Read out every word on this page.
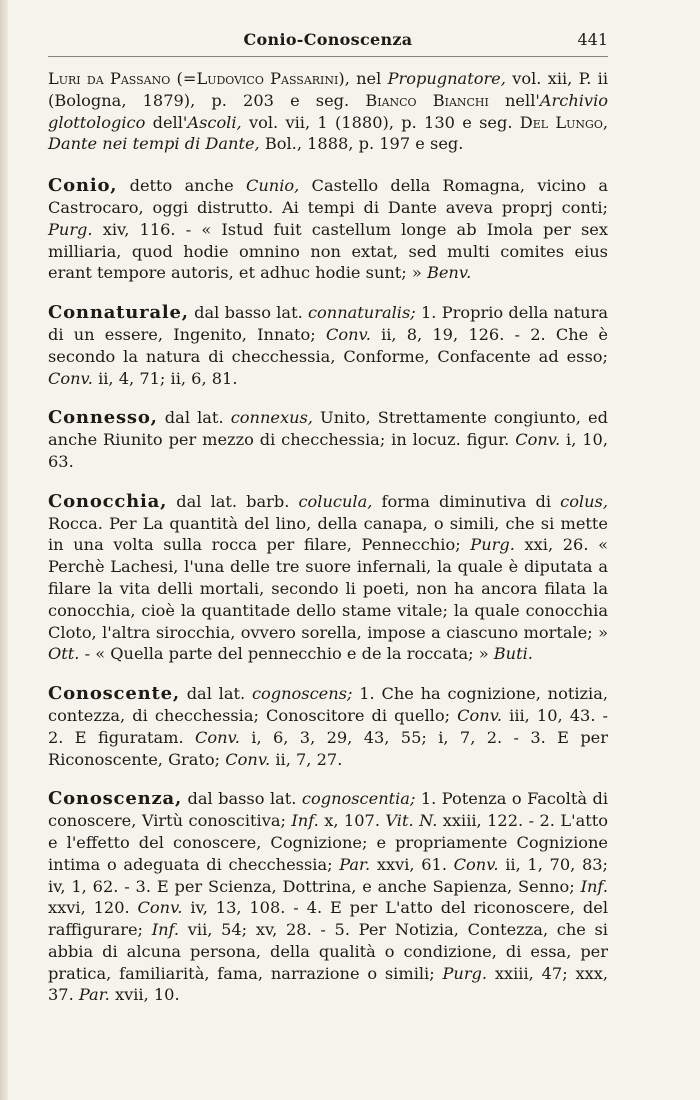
Conio-Conoscenza	441

Luri da Passano (=Ludovico Passarini), nel Propugnatore, vol. xii, P. ii (Bologna, 1879), p. 203 e seg. Bianco Bianchi nell'Archivio glottologico dell'Ascoli, vol. vii, 1 (1880), p. 130 e seg. Del Lungo, Dante nei tempi di Dante, Bol., 1888, p. 197 e seg.

Conio, detto anche Cunio, Castello della Romagna, vicino a Castrocaro, oggi distrutto. Ai tempi di Dante aveva proprj conti; Purg. xiv, 116. - « Istud fuit castellum longe ab Imola per sex milliaria, quod hodie omnino non extat, sed multi comites eius erant tempore autoris, et adhuc hodie sunt; » Benv.

Connaturale, dal basso lat. connaturalis; 1. Proprio della natura di un essere, Ingenito, Innato; Conv. ii, 8, 19, 126. - 2. Che è secondo la natura di checchessia, Conforme, Confacente ad esso; Conv. ii, 4, 71; ii, 6, 81.

Connesso, dal lat. connexus, Unito, Strettamente congiunto, ed anche Riunito per mezzo di checchessia; in locuz. figur. Conv. i, 10, 63.

Conocchia, dal lat. barb. colucula, forma diminutiva di colus, Rocca. Per La quantità del lino, della canapa, o simili, che si mette in una volta sulla rocca per filare, Pennecchio; Purg. xxi, 26. « Perchè Lachesi, l'una delle tre suore infernali, la quale è diputata a filare la vita delli mortali, secondo li poeti, non ha ancora filata la conocchia, cioè la quantitade dello stame vitale; la quale conocchia Cloto, l'altra sirocchia, ovvero sorella, impose a ciascuno mortale; » Ott. - « Quella parte del pennecchio e de la roccata; » Buti.

Conoscente, dal lat. cognoscens; 1. Che ha cognizione, notizia, contezza, di checchessia; Conoscitore di quello; Conv. iii, 10, 43. - 2. E figuratam. Conv. i, 6, 3, 29, 43, 55; i, 7, 2. - 3. E per Riconoscente, Grato; Conv. ii, 7, 27.

Conoscenza, dal basso lat. cognoscentia; 1. Potenza o Facoltà di conoscere, Virtù conoscitiva; Inf. x, 107. Vit. N. xxiii, 122. - 2. L'atto e l'effetto del conoscere, Cognizione; e propriamente Cognizione intima o adeguata di checchessia; Par. xxvi, 61. Conv. ii, 1, 70, 83; iv, 1, 62. - 3. E per Scienza, Dottrina, e anche Sapienza, Senno; Inf. xxvi, 120. Conv. iv, 13, 108. - 4. E per L'atto del riconoscere, del raffigurare; Inf. vii, 54; xv, 28. - 5. Per Notizia, Contezza, che si abbia di alcuna persona, della qualità o condizione, di essa, per pratica, familiarità, fama, narrazione o simili; Purg. xxiii, 47; xxx, 37. Par. xvii, 10.
